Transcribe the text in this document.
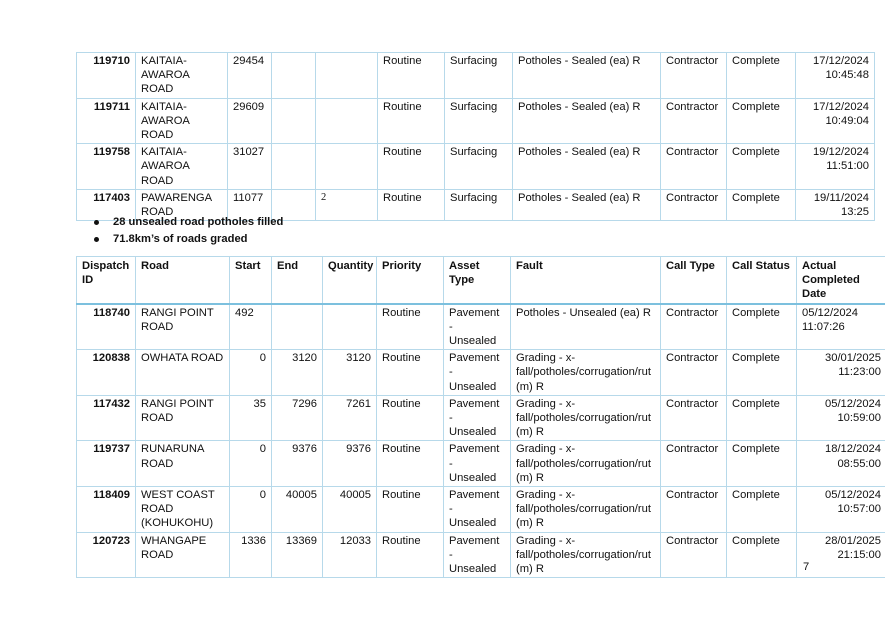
119710	KAITAIA-
AWAROA ROAD	29454			Routine	Surfacing	Potholes - Sealed (ea) R	Contractor	Complete	17/12/2024
10:45:48
119711	KAITAIA-
AWAROA ROAD	29609			Routine	Surfacing	Potholes - Sealed (ea) R	Contractor	Complete	17/12/2024
10:49:04
119758	KAITAIA-
AWAROA ROAD	31027			Routine	Surfacing	Potholes - Sealed (ea) R	Contractor	Complete	19/12/2024
11:51:00
117403	PAWARENGA
ROAD	11077		2	Routine	Surfacing	Potholes - Sealed (ea) R	Contractor	Complete	19/11/2024
13:25
28 unsealed road potholes filled
71.8km’s of roads graded
Dispatch
ID	Road	Start	End	Quantity	Priority	Asset Type	Fault	Call Type	Call Status	Actual
Completed Date
118740	RANGI POINT
ROAD	492			Routine	Pavement -
Unsealed	Potholes - Unsealed (ea) R	Contractor	Complete	05/12/2024
11:07:26
120838	OWHATA ROAD	0	3120	3120	Routine	Pavement -
Unsealed	Grading - x-
fall/potholes/corrugation/rut
(m) R	Contractor	Complete	30/01/2025
11:23:00
117432	RANGI POINT
ROAD	35	7296	7261	Routine	Pavement -
Unsealed	Grading - x-
fall/potholes/corrugation/rut
(m) R	Contractor	Complete	05/12/2024
10:59:00
119737	RUNARUNA
ROAD	0	9376	9376	Routine	Pavement -
Unsealed	Grading - x-
fall/potholes/corrugation/rut
(m) R	Contractor	Complete	18/12/2024
08:55:00
118409	WEST COAST
ROAD
(KOHUKOHU)	0	40005	40005	Routine	Pavement -
Unsealed	Grading - x-
fall/potholes/corrugation/rut
(m) R	Contractor	Complete	05/12/2024
10:57:00
120723	WHANGAPE
ROAD	1336	13369	12033	Routine	Pavement -
Unsealed	Grading - x-
fall/potholes/corrugation/rut
(m) R	Contractor	Complete	28/01/2025
21:15:00
7
